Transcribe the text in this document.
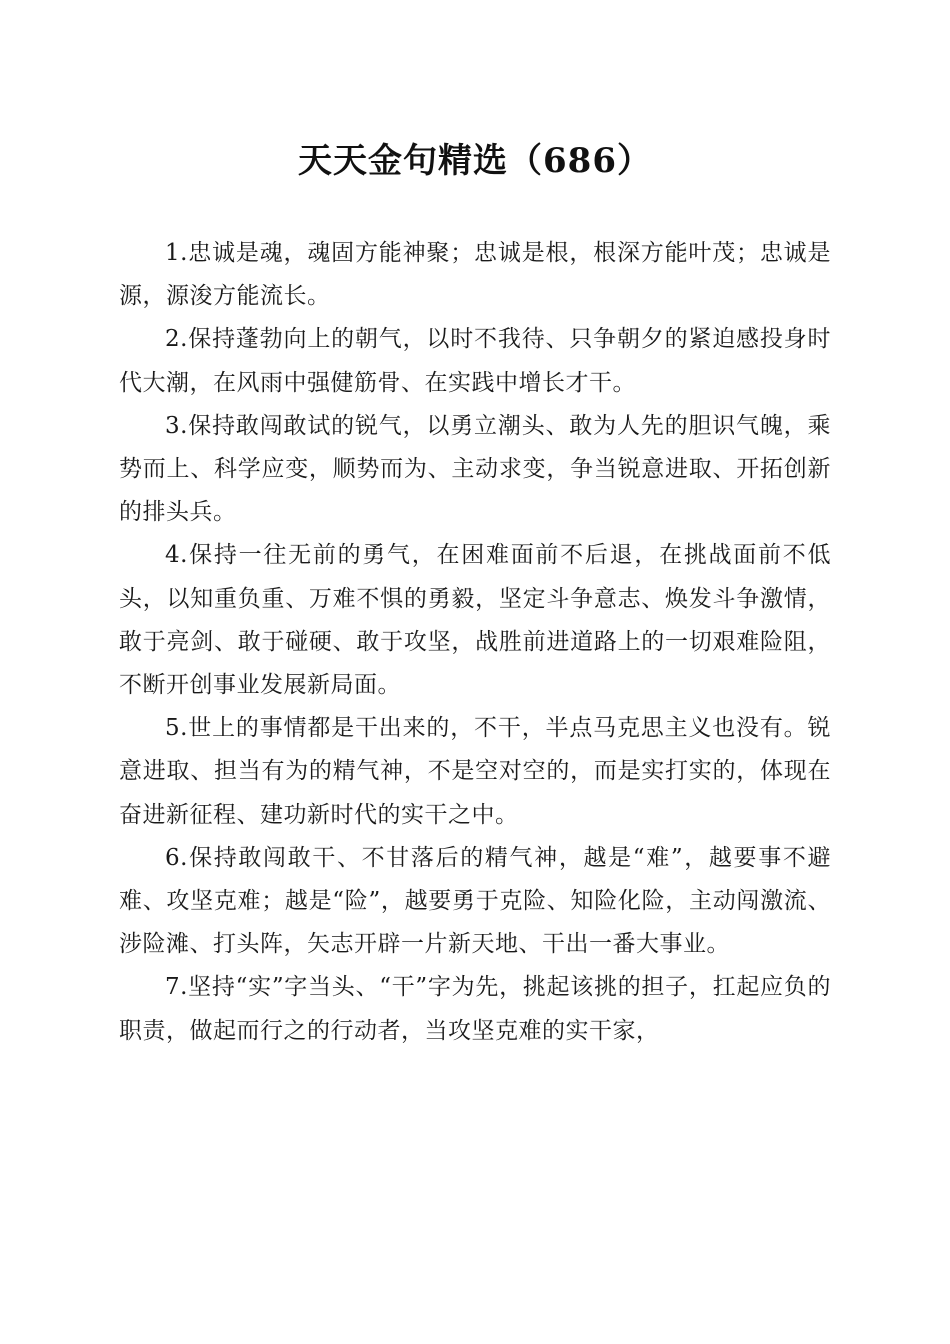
天天金句精选（686）

1.忠诚是魂，魂固方能神聚；忠诚是根，根深方能叶茂；忠诚是源，源浚方能流长。

2.保持蓬勃向上的朝气，以时不我待、只争朝夕的紧迫感投身时代大潮，在风雨中强健筋骨、在实践中增长才干。

3.保持敢闯敢试的锐气，以勇立潮头、敢为人先的胆识气魄，乘势而上、科学应变，顺势而为、主动求变，争当锐意进取、开拓创新的排头兵。

4.保持一往无前的勇气，在困难面前不后退，在挑战面前不低头，以知重负重、万难不惧的勇毅，坚定斗争意志、焕发斗争激情，敢于亮剑、敢于碰硬、敢于攻坚，战胜前进道路上的一切艰难险阻，不断开创事业发展新局面。

5.世上的事情都是干出来的，不干，半点马克思主义也没有。锐意进取、担当有为的精气神，不是空对空的，而是实打实的，体现在奋进新征程、建功新时代的实干之中。

6.保持敢闯敢干、不甘落后的精气神，越是“难”，越要事不避难、攻坚克难；越是“险”，越要勇于克险、知险化险，主动闯激流、涉险滩、打头阵，矢志开辟一片新天地、干出一番大事业。

7.坚持“实”字当头、“干”字为先，挑起该挑的担子，扛起应负的职责，做起而行之的行动者，当攻坚克难的实干家，
